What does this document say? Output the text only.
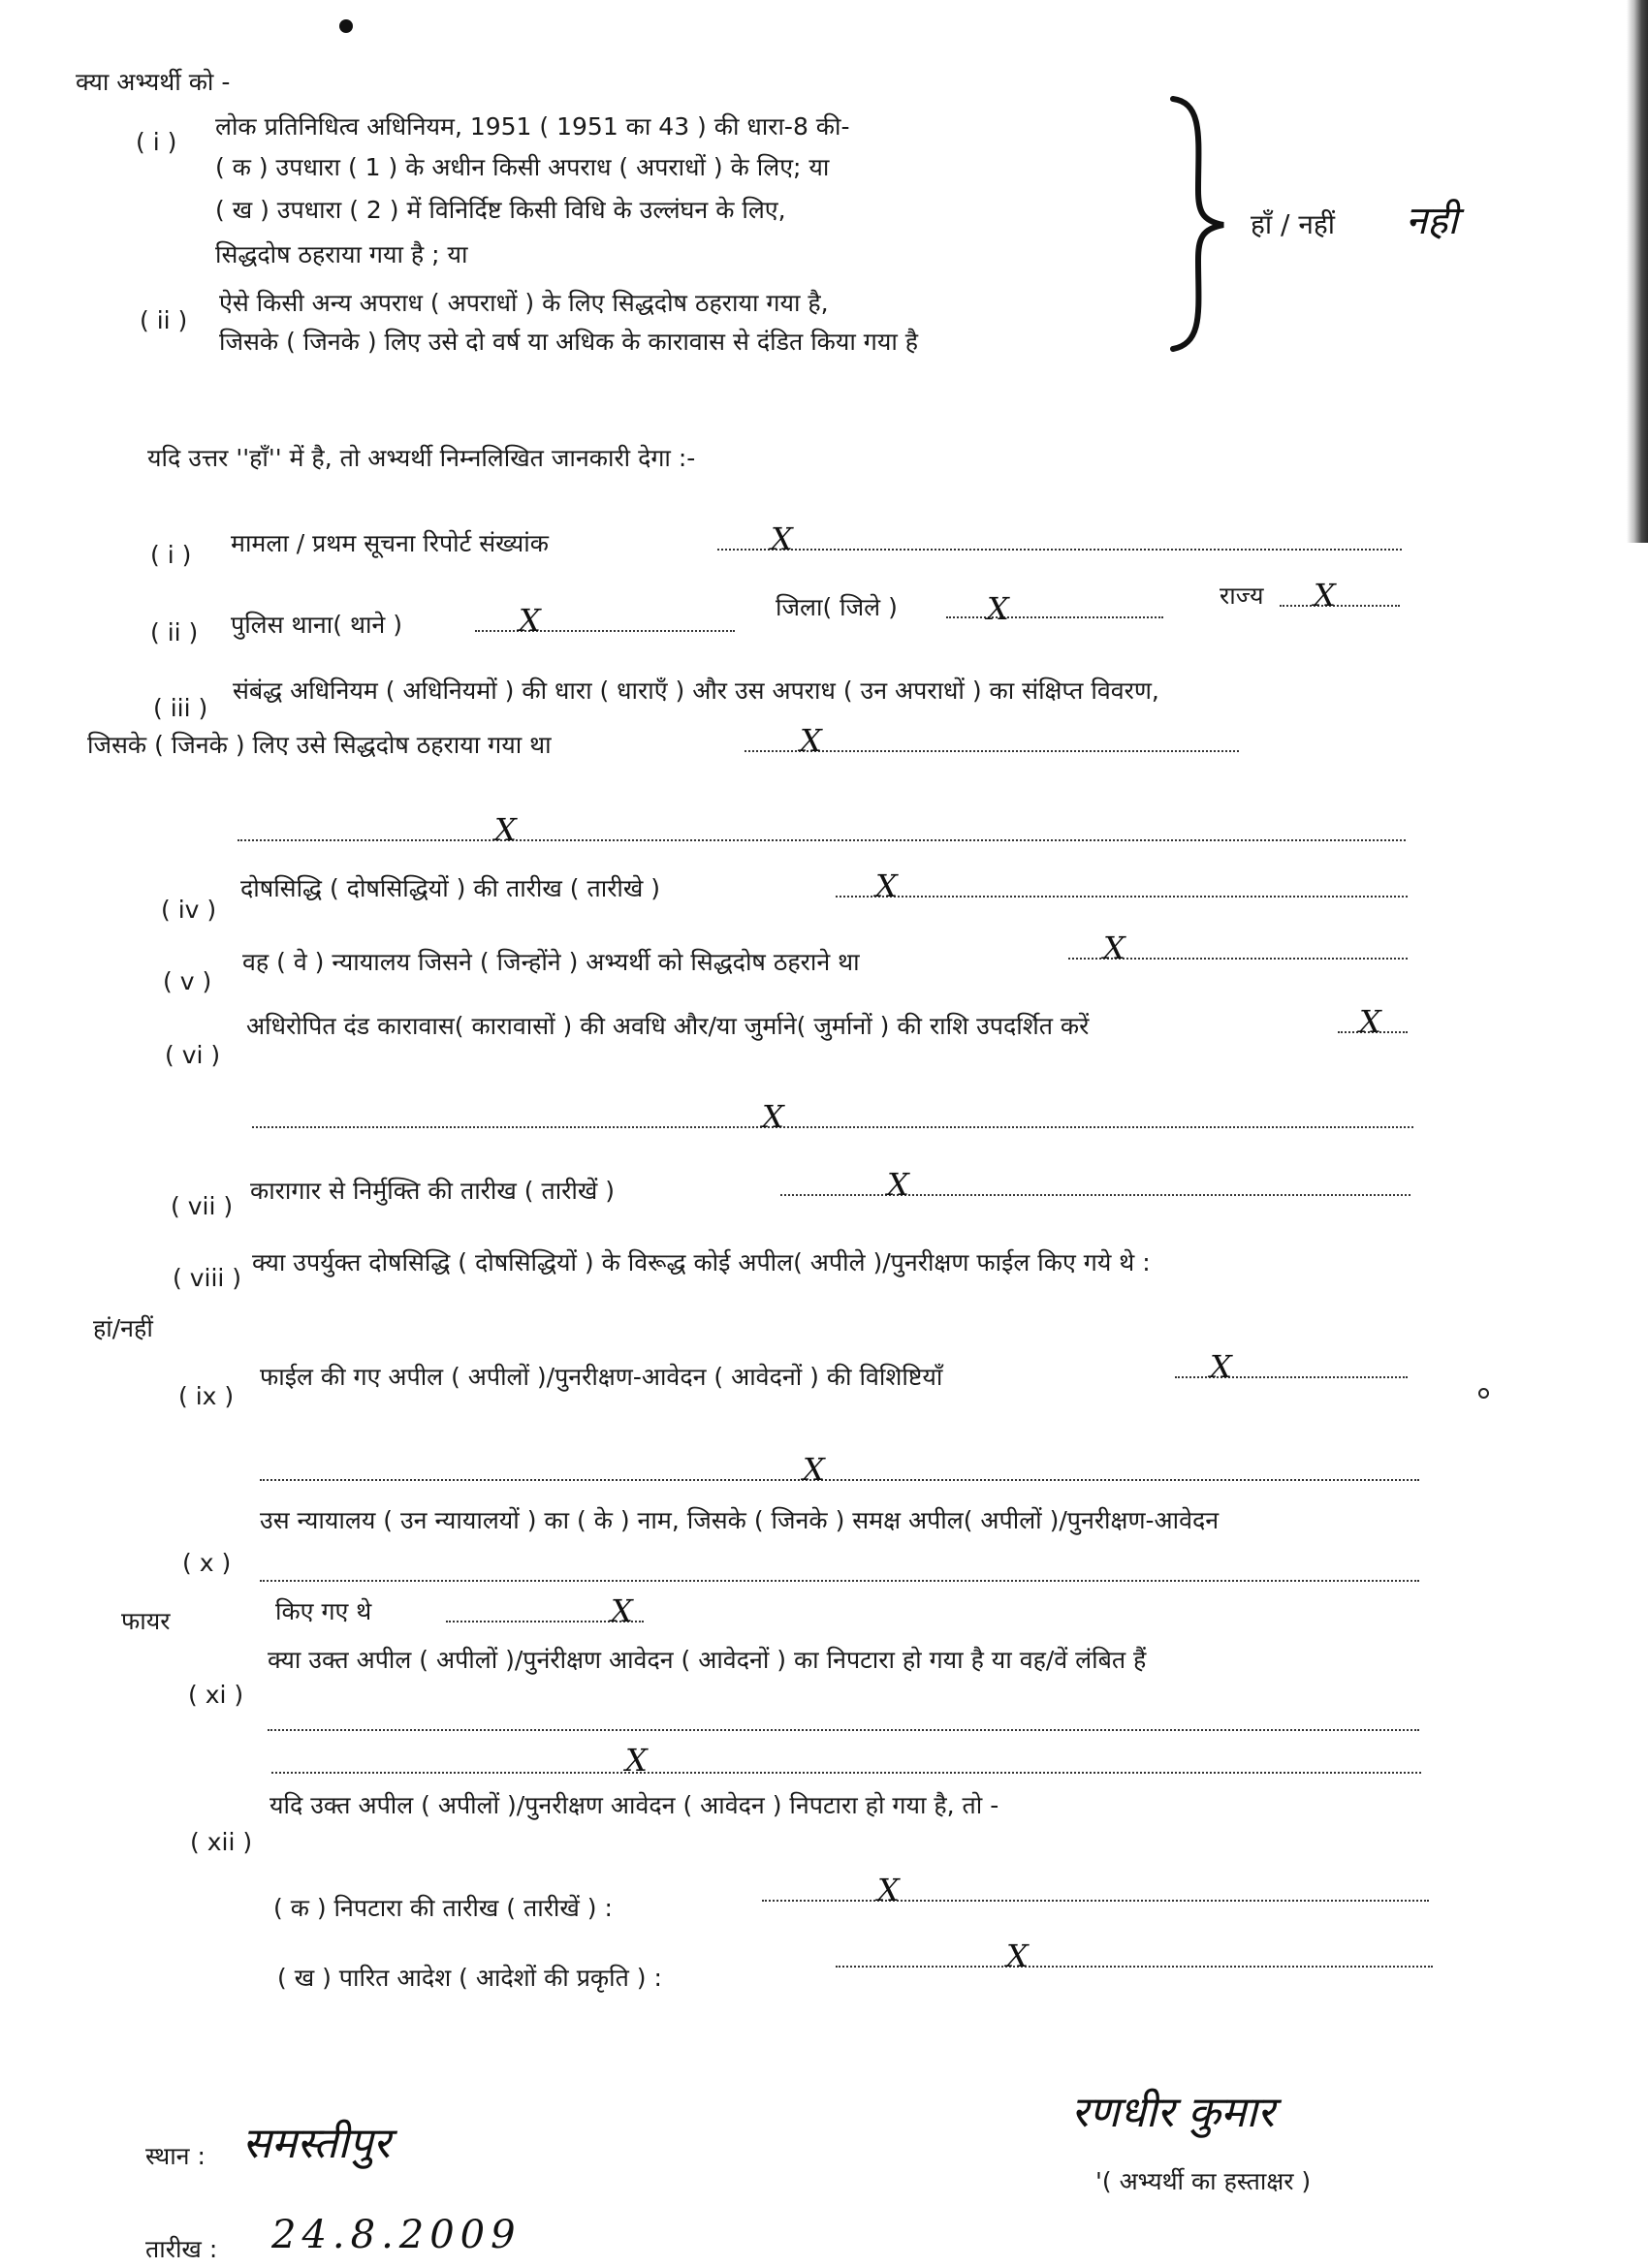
क्या अभ्यर्थी को -
( i )
लोक प्रतिनिधित्व अधिनियम, 1951 ( 1951 का 43 ) की धारा-8 की-
( क ) उपधारा ( 1 ) के अधीन किसी अपराध ( अपराधों ) के लिए; या
( ख ) उपधारा ( 2 ) में विनिर्दिष्ट किसी विधि के उल्लंघन के लिए,
सिद्धदोष ठहराया गया है ; या
( ii )
ऐसे किसी अन्य अपराध ( अपराधों ) के लिए सिद्धदोष ठहराया गया है,
जिसके ( जिनके ) लिए उसे दो वर्ष या अधिक के कारावास से दंडित किया गया है
हाँ / नहीं नही
यदि उत्तर ''हाँ'' में है, तो अभ्यर्थी निम्नलिखित जानकारी देगा :-
( i ) मामला / प्रथम सूचना रिपोर्ट संख्यांक	X
( ii ) पुलिस थाना( थाने )	X	जिला( जिले )	X	राज्य X
( iii )
संबंद्ध अधिनियम ( अधिनियमों ) की धारा ( धाराएँ ) और उस अपराध ( उन अपराधों ) का संक्षिप्त विवरण,
जिसके ( जिनके ) लिए उसे सिद्धदोष ठहराया गया था	X
X
( iv )
दोषसिद्धि ( दोषसिद्धियों ) की तारीख ( तारीखे )	X
( v )
वह ( वे ) न्यायालय जिसने ( जिन्होंने ) अभ्यर्थी को सिद्धदोष ठहराने था	X
( vi )
अधिरोपित दंड कारावास( कारावासों ) की अवधि और/या जुर्माने( जुर्मानों ) की राशि उपदर्शित करें	X
X
( vii )
कारागार से निर्मुक्ति की तारीख ( तारीखें )	X
( viii )
क्या उपर्युक्त दोषसिद्धि ( दोषसिद्धियों ) के विरूद्ध कोई अपील( अपीले )/पुनरीक्षण फाईल किए गये थे :
हां/नहीं
( ix )
फाईल की गए अपील ( अपीलों )/पुनरीक्षण-आवेदन ( आवेदनों ) की विशिष्टियाँ	X
X
( x )
उस न्यायालय ( उन न्यायालयों ) का ( के ) नाम, जिसके ( जिनके ) समक्ष अपील( अपीलों )/पुनरीक्षण-आवेदन
फायर	किए गए थे	X
( xi )
क्या उक्त अपील ( अपीलों )/पुनंरीक्षण आवेदन ( आवेदनों ) का निपटारा हो गया है या वह/वें लंबित हैं
X
( xii )
यदि उक्त अपील ( अपीलों )/पुनरीक्षण आवेदन ( आवेदन ) निपटारा हो गया है, तो -
( क ) निपटारा की तारीख ( तारीखें ) :	X
( ख ) पारित आदेश ( आदेशों की प्रकृति ) :
X
स्थान : समस्तीपुर
तारीख : 24.8.2009
रणधीर कुमार
'( अभ्यर्थी का हस्ताक्षर )
